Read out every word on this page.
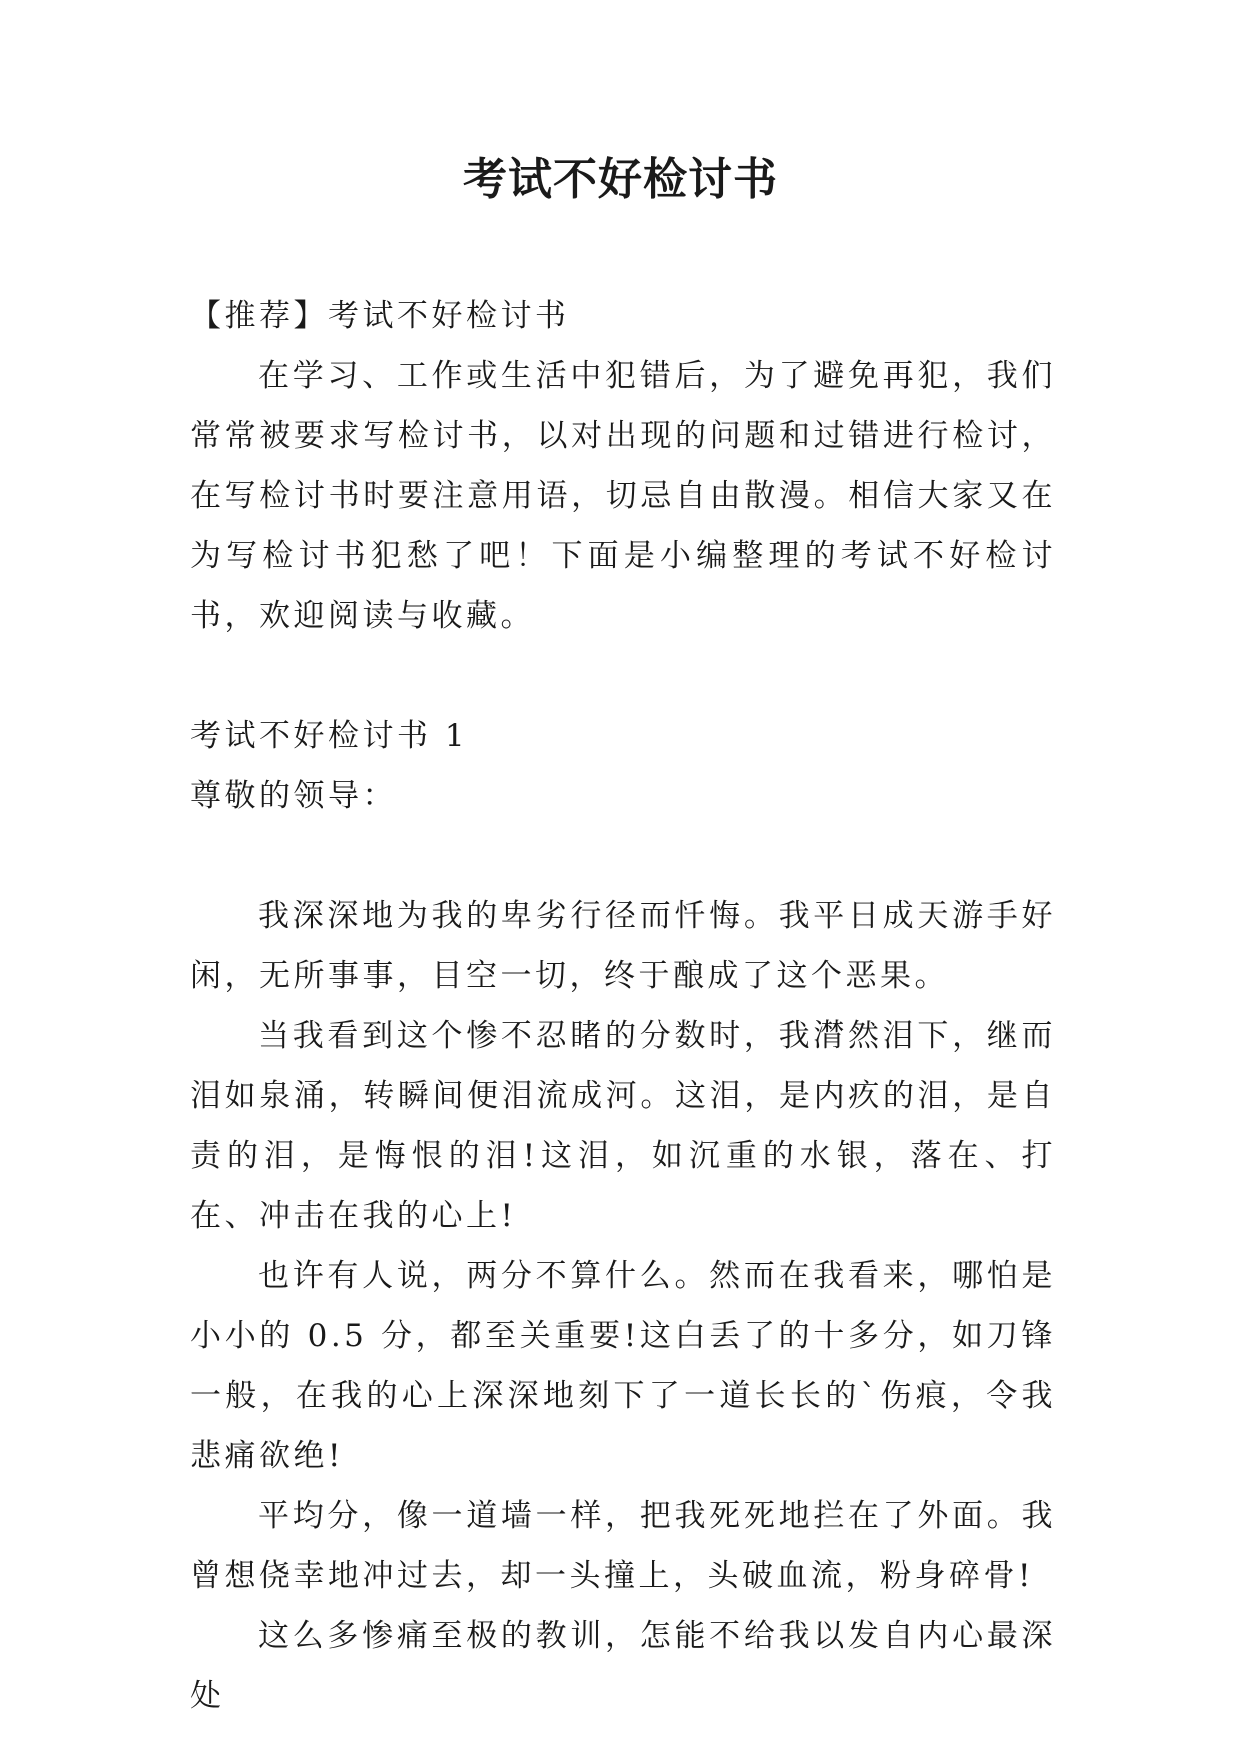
考试不好检讨书

【推荐】考试不好检讨书

在学习、工作或生活中犯错后，为了避免再犯，我们常常被要求写检讨书，以对出现的问题和过错进行检讨，在写检讨书时要注意用语，切忌自由散漫。相信大家又在为写检讨书犯愁了吧！下面是小编整理的考试不好检讨书，欢迎阅读与收藏。

考试不好检讨书 1

尊敬的领导：

我深深地为我的卑劣行径而忏悔。我平日成天游手好闲，无所事事，目空一切，终于酿成了这个恶果。

当我看到这个惨不忍睹的分数时，我潸然泪下，继而泪如泉涌，转瞬间便泪流成河。这泪，是内疚的泪，是自责的泪，是悔恨的泪!这泪，如沉重的水银，落在、打在、冲击在我的心上!

也许有人说，两分不算什么。然而在我看来，哪怕是小小的 0.5 分，都至关重要!这白丢了的十多分，如刀锋一般，在我的心上深深地刻下了一道长长的`伤痕，令我悲痛欲绝!

平均分，像一道墙一样，把我死死地拦在了外面。我曾想侥幸地冲过去，却一头撞上，头破血流，粉身碎骨!

这么多惨痛至极的教训，怎能不给我以发自内心最深处
